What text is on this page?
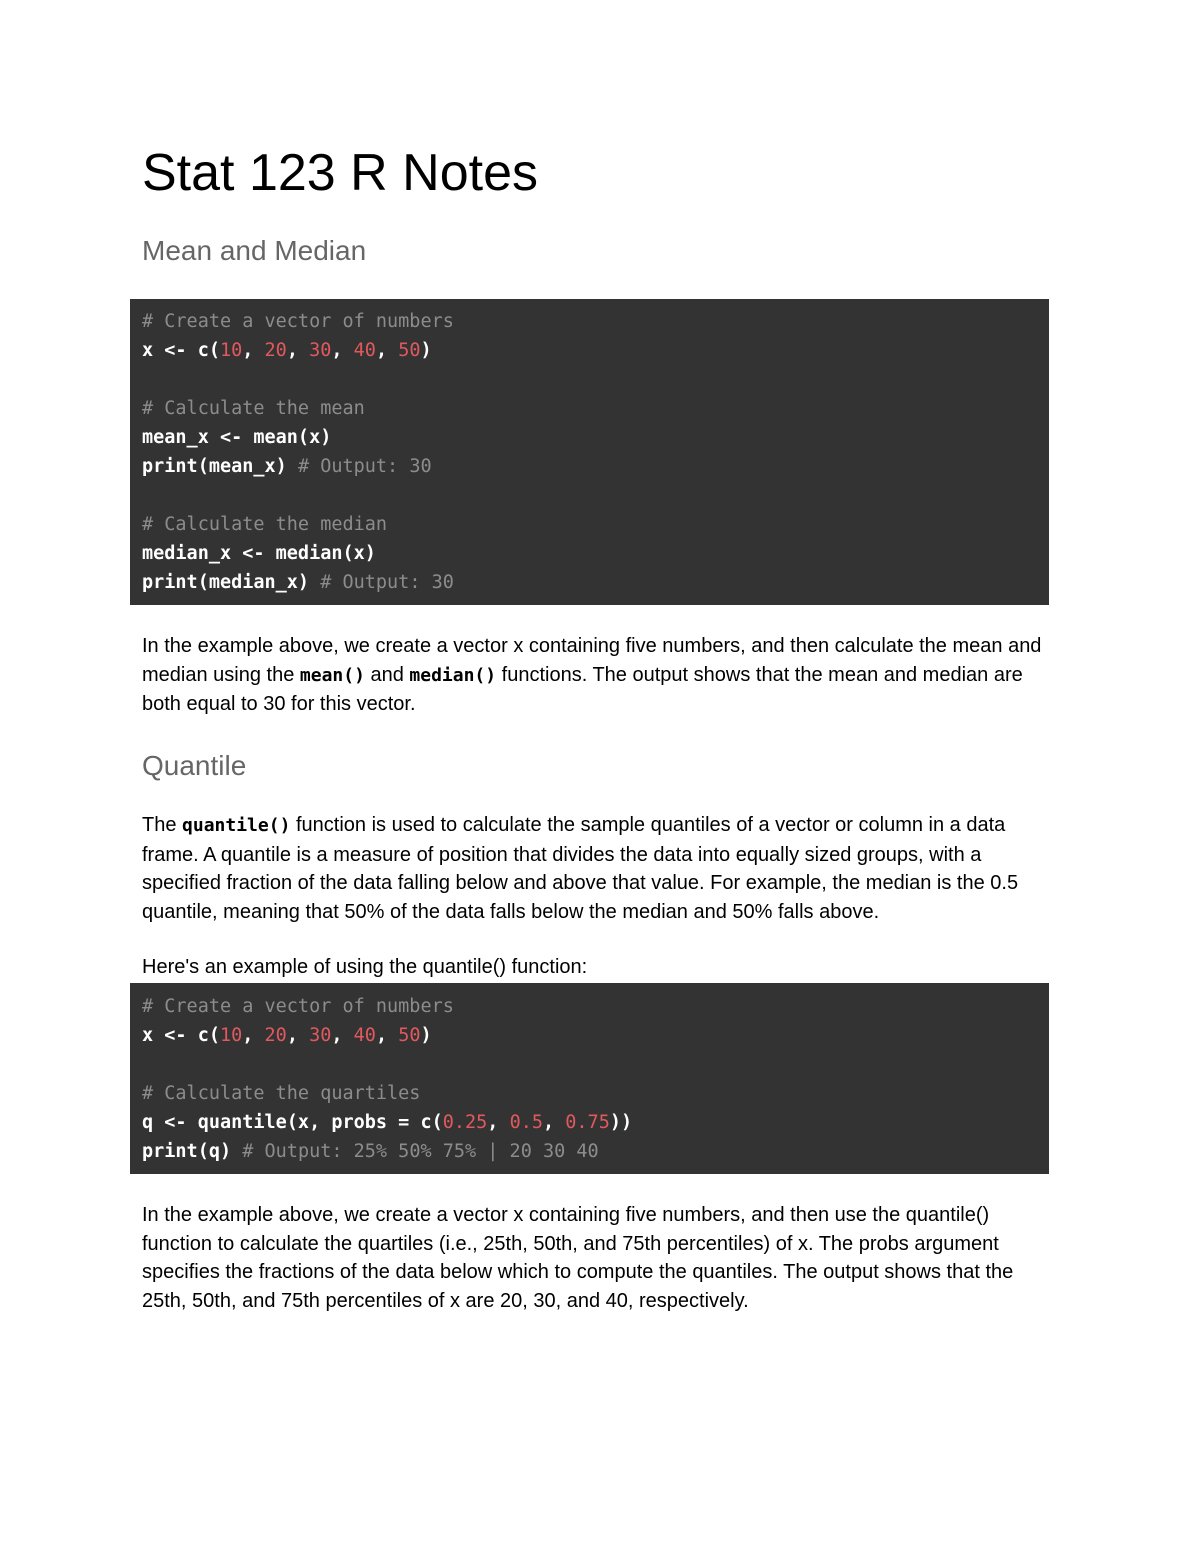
Stat 123 R Notes
Mean and Median
# Create a vector of numbers
x <- c(10, 20, 30, 40, 50)
# Calculate the mean
mean_x <- mean(x)
print(mean_x) # Output: 30
# Calculate the median
median_x <- median(x)
print(median_x) # Output: 30

In the example above, we create a vector x containing five numbers, and then calculate the mean and median using the mean() and median() functions. The output shows that the mean and median are both equal to 30 for this vector.

Quantile

The quantile() function is used to calculate the sample quantiles of a vector or column in a data frame. A quantile is a measure of position that divides the data into equally sized groups, with a specified fraction of the data falling below and above that value. For example, the median is the 0.5 quantile, meaning that 50% of the data falls below the median and 50% falls above.

Here's an example of using the quantile() function:

# Create a vector of numbers
x <- c(10, 20, 30, 40, 50)
# Calculate the quartiles
q <- quantile(x, probs = c(0.25, 0.5, 0.75))
print(q) # Output: 25% 50% 75% | 20 30 40

In the example above, we create a vector x containing five numbers, and then use the quantile() function to calculate the quartiles (i.e., 25th, 50th, and 75th percentiles) of x. The probs argument specifies the fractions of the data below which to compute the quantiles. The output shows that the 25th, 50th, and 75th percentiles of x are 20, 30, and 40, respectively.
